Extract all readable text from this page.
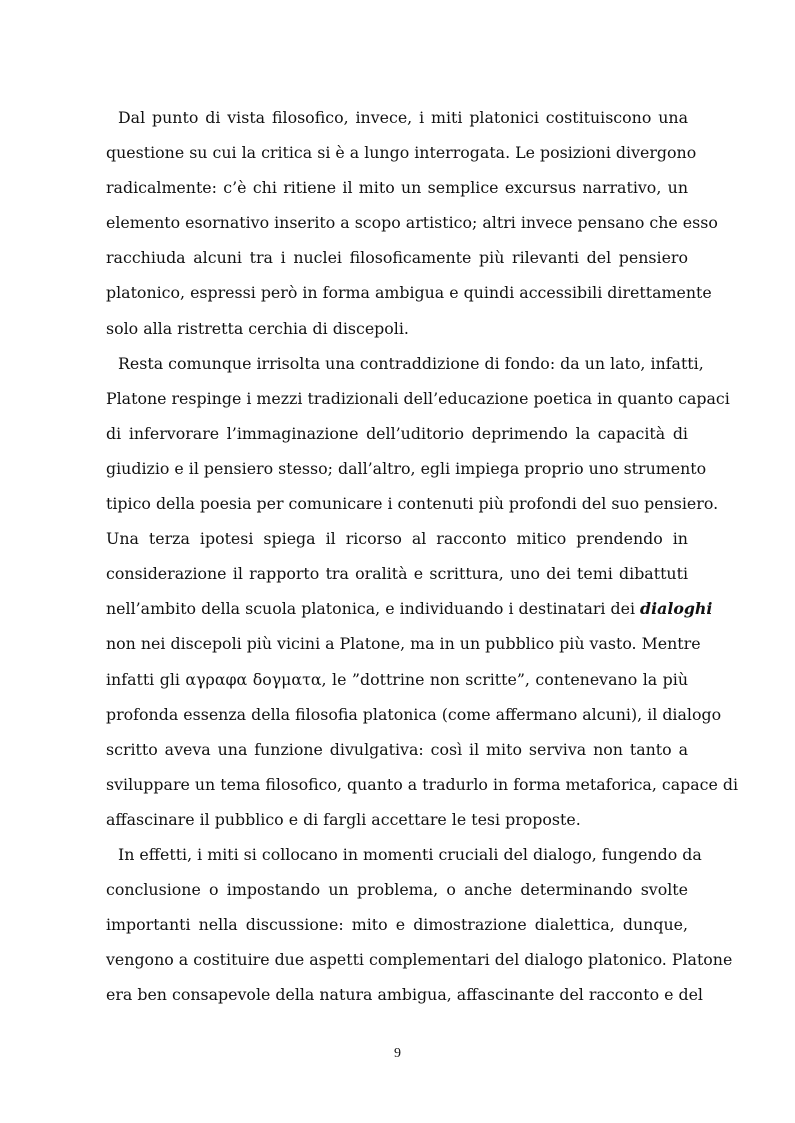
Dal punto di vista filosofico, invece, i miti platonici costituiscono una
questione su cui la critica si è a lungo interrogata. Le posizioni divergono
radicalmente: c’è chi ritiene il mito un semplice excursus narrativo, un
elemento esornativo inserito a scopo artistico; altri invece pensano che esso
racchiuda alcuni tra i nuclei filosoficamente più rilevanti del pensiero
platonico, espressi però in forma ambigua e quindi accessibili direttamente
solo alla ristretta cerchia di discepoli.
Resta comunque irrisolta una contraddizione di fondo: da un lato, infatti,
Platone respinge i mezzi tradizionali dell’educazione poetica in quanto capaci
di infervorare l’immaginazione dell’uditorio deprimendo la capacità di
giudizio e il pensiero stesso; dall’altro, egli impiega proprio uno strumento
tipico della poesia per comunicare i contenuti più profondi del suo pensiero.
Una terza ipotesi spiega il ricorso al racconto mitico prendendo in
considerazione il rapporto tra oralità e scrittura, uno dei temi dibattuti
nell’ambito della scuola platonica, e individuando i destinatari dei dialoghi
non nei discepoli più vicini a Platone, ma in un pubblico più vasto. Mentre
infatti gli αγραφα δογματα, le ”dottrine non scritte”, contenevano la più
profonda essenza della filosofia platonica (come affermano alcuni), il dialogo
scritto aveva una funzione divulgativa: così il mito serviva non tanto a
sviluppare un tema filosofico, quanto a tradurlo in forma metaforica, capace di
affascinare il pubblico e di fargli accettare le tesi proposte.
In effetti, i miti si collocano in momenti cruciali del dialogo, fungendo da
conclusione o impostando un problema, o anche determinando svolte
importanti nella discussione: mito e dimostrazione dialettica, dunque,
vengono a costituire due aspetti complementari del dialogo platonico. Platone
era ben consapevole della natura ambigua, affascinante del racconto e del
9
